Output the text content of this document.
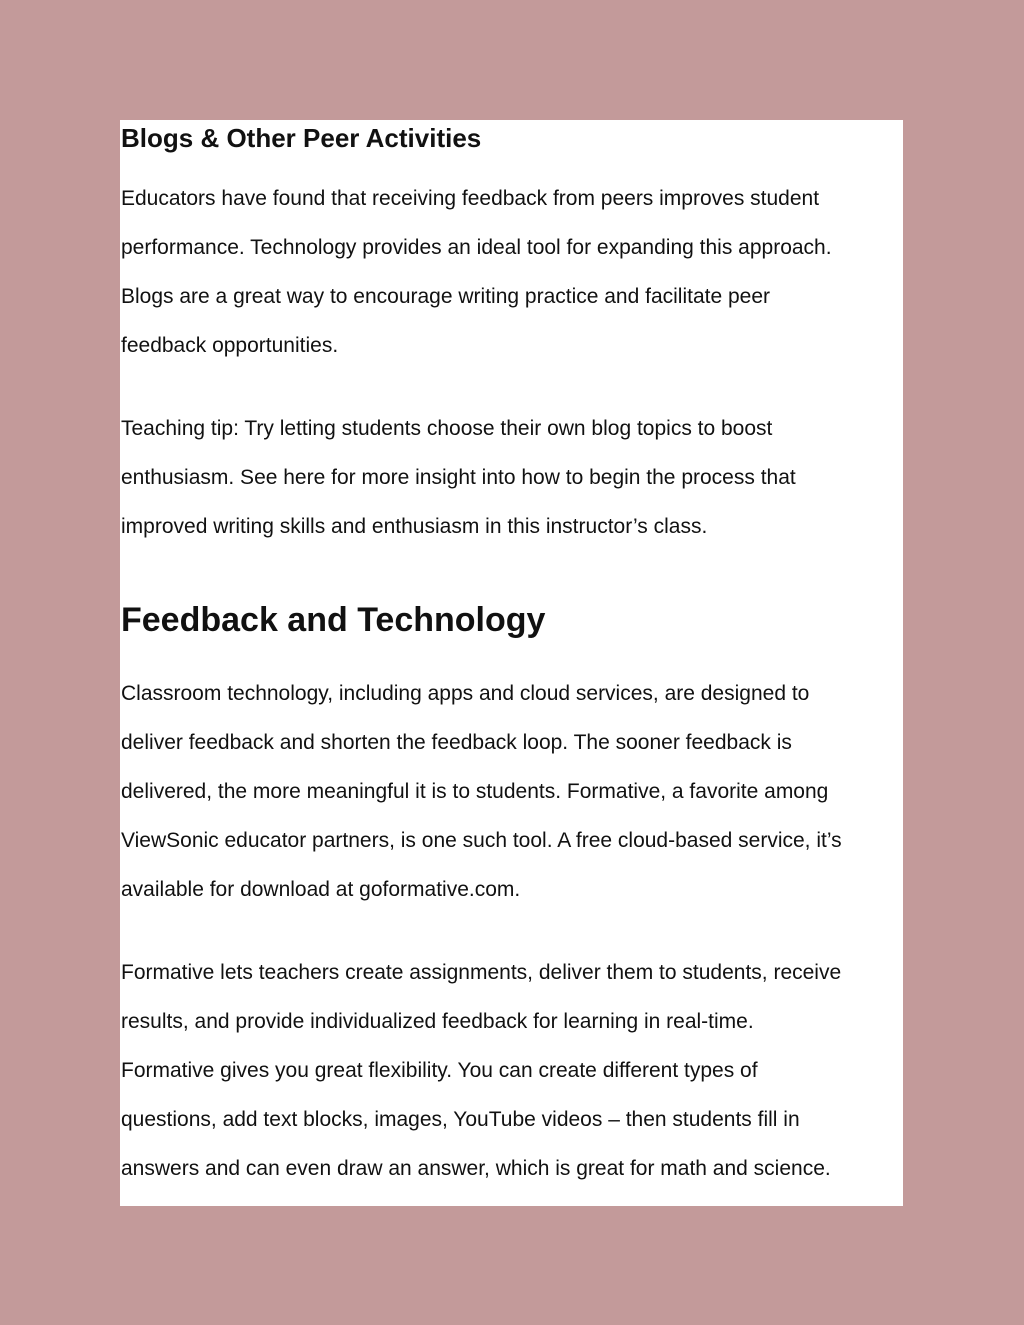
Blogs & Other Peer Activities
Educators have found that receiving feedback from peers improves student
performance. Technology provides an ideal tool for expanding this approach.
Blogs are a great way to encourage writing practice and facilitate peer
feedback opportunities.
Teaching tip: Try letting students choose their own blog topics to boost
enthusiasm. See here for more insight into how to begin the process that
improved writing skills and enthusiasm in this instructor’s class.
Feedback and Technology
Classroom technology, including apps and cloud services, are designed to
deliver feedback and shorten the feedback loop. The sooner feedback is
delivered, the more meaningful it is to students. Formative, a favorite among
ViewSonic educator partners, is one such tool. A free cloud-based service, it’s
available for download at goformative.com.
Formative lets teachers create assignments, deliver them to students, receive
results, and provide individualized feedback for learning in real-time.
Formative gives you great flexibility. You can create different types of
questions, add text blocks, images, YouTube videos – then students fill in
answers and can even draw an answer, which is great for math and science.
